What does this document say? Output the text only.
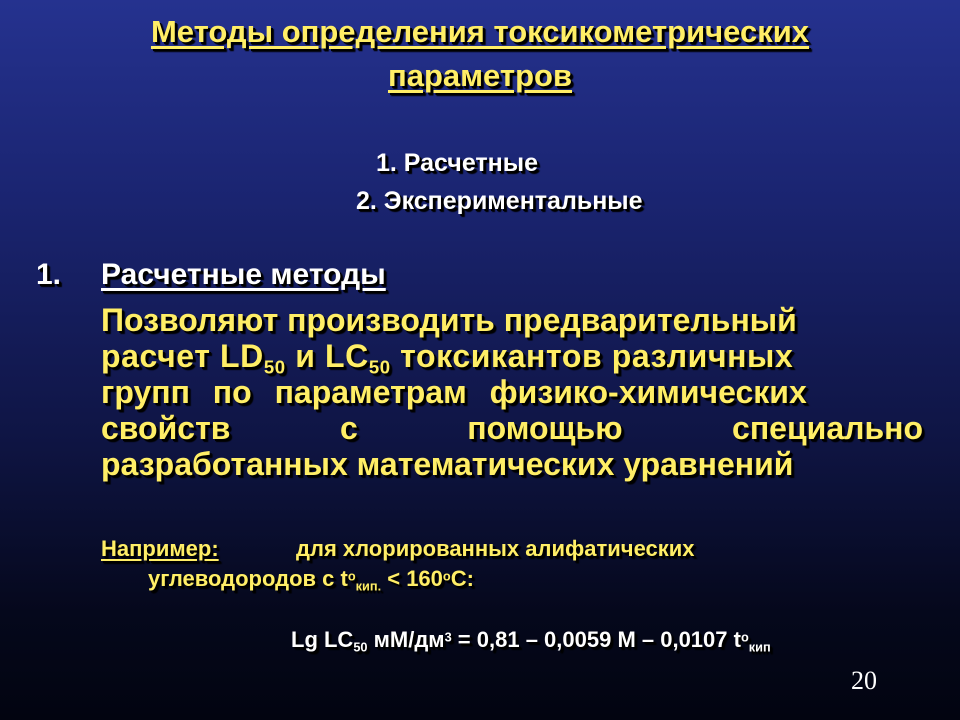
Методы определения токсикометрических
параметров
1. Расчетные
2. Экспериментальные
1. Расчетные методы
Позволяют производить предварительный
расчет $LD_{50}$ и $LC_{50}$ токсикантов различных
групп по параметрам физико-химических
свойств	с	помощью	специально
разработанных математических уравнений
Например:	для хлорированных алифатических
углеводородов с $t^o_{кип.} < 160^oС$:
Lg $LC_{50}$ $мМ/дм^3 = 0,81 - 0,0059$ М – 0,0107 $t^o_{кип}$
20
